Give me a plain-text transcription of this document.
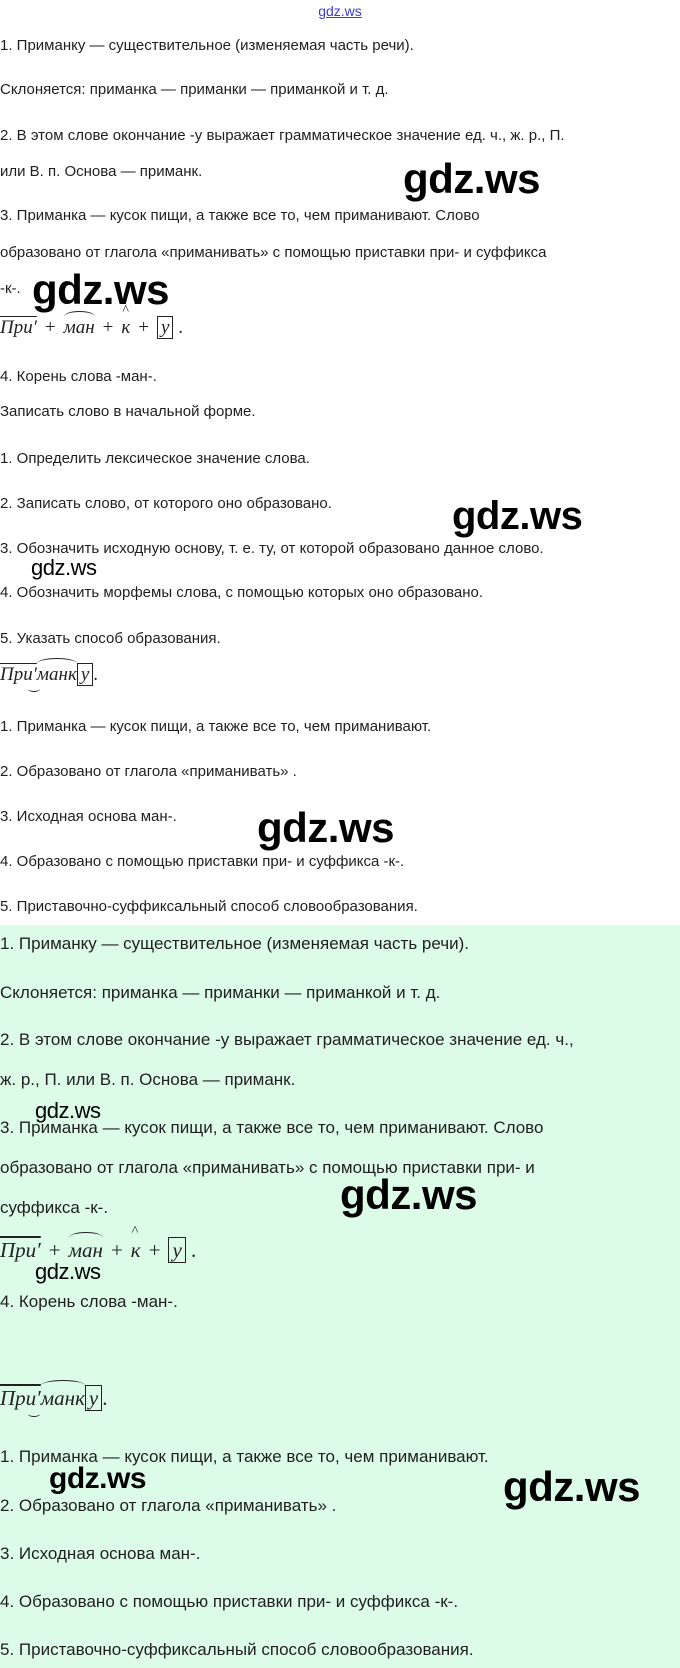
gdz.ws
1. Приманку — существительное (изменяемая часть речи).
Склоняется: приманка — приманки — приманкой и т. д.
2. В этом слове окончание -у выражает грамматическое значение ед. ч., ж. р., П.
или В. п. Основа — приманк.
3. Приманка — кусок пищи, а также все то, чем приманивают. Слово
образовано от глагола «приманивать» с помощью приставки при- и суффикса
-к-.
При′ + ман + ^ к + у .
4. Корень слова -ман-.
Записать слово в начальной форме.
1. Определить лексическое значение слова.
2. Записать слово, от которого оно образовано.
3. Обозначить исходную основу, т. е. ту, от которой образовано данное слово.
4. Обозначить морфемы слова, с помощью которых оно образовано.
5. Указать способ образования.
При′манк у .
1. Приманка — кусок пищи, а также все то, чем приманивают.
2. Образовано от глагола «приманивать» .
3. Исходная основа ман-.
4. Образовано с помощью приставки при- и суффикса -к-.
5. Приставочно-суффиксальный способ словообразования.
1. Приманку — существительное (изменяемая часть речи).
Склоняется: приманка — приманки — приманкой и т. д.
2. В этом слове окончание -у выражает грамматическое значение ед. ч.,
ж. р., П. или В. п. Основа — приманк.
3. Приманка — кусок пищи, а также все то, чем приманивают. Слово
образовано от глагола «приманивать» с помощью приставки при- и
суффикса -к-.
При′ + ман + ^ к + у .
4. Корень слова -ман-.
При′манк у .
1. Приманка — кусок пищи, а также все то, чем приманивают.
2. Образовано от глагола «приманивать» .
3. Исходная основа ман-.
4. Образовано с помощью приставки при- и суффикса -к-.
5. Приставочно-суффиксальный способ словообразования.
gdz.ws
gdz.ws
gdz.ws
gdz.ws
gdz.ws
gdz.ws
gdz.ws
gdz.ws
gdz.ws	gdz.ws
